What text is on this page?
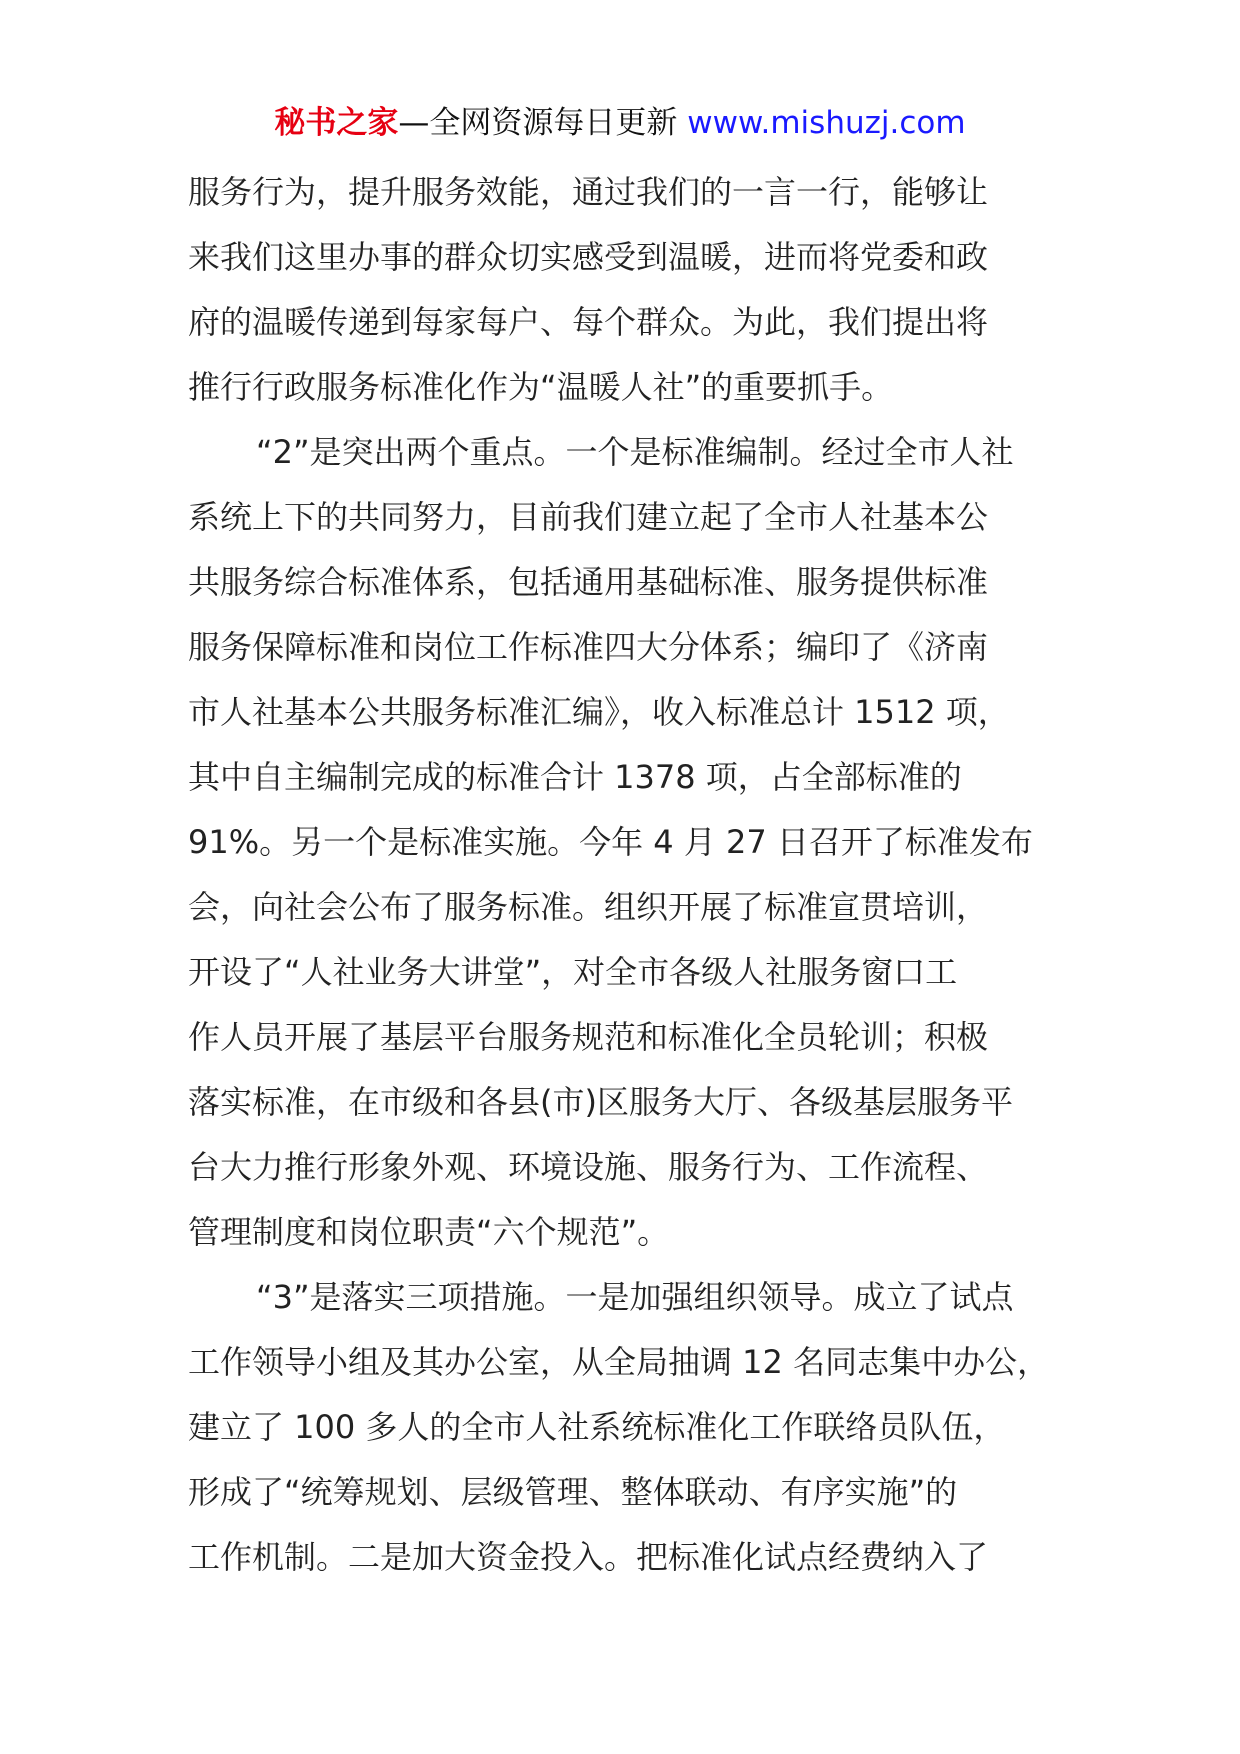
秘书之家—全网资源每日更新 www.mishuzj.com
服务行为，提升服务效能，通过我们的一言一行，能够让
来我们这里办事的群众切实感受到温暖，进而将党委和政
府的温暖传递到每家每户、每个群众。为此，我们提出将
推行行政服务标准化作为“温暖人社”的重要抓手。
“2”是突出两个重点。一个是标准编制。经过全市人社
系统上下的共同努力，目前我们建立起了全市人社基本公
共服务综合标准体系，包括通用基础标准、服务提供标准
服务保障标准和岗位工作标准四大分体系；编印了《济南
市人社基本公共服务标准汇编》，收入标准总计 1512 项，
其中自主编制完成的标准合计 1378 项，占全部标准的
91%。另一个是标准实施。今年 4 月 27 日召开了标准发布
会，向社会公布了服务标准。组织开展了标准宣贯培训，
开设了“人社业务大讲堂”，对全市各级人社服务窗口工
作人员开展了基层平台服务规范和标准化全员轮训；积极
落实标准，在市级和各县(市)区服务大厅、各级基层服务平
台大力推行形象外观、环境设施、服务行为、工作流程、
管理制度和岗位职责“六个规范”。
“3”是落实三项措施。一是加强组织领导。成立了试点
工作领导小组及其办公室，从全局抽调 12 名同志集中办公，
建立了 100 多人的全市人社系统标准化工作联络员队伍，
形成了“统筹规划、层级管理、整体联动、有序实施”的
工作机制。二是加大资金投入。把标准化试点经费纳入了
